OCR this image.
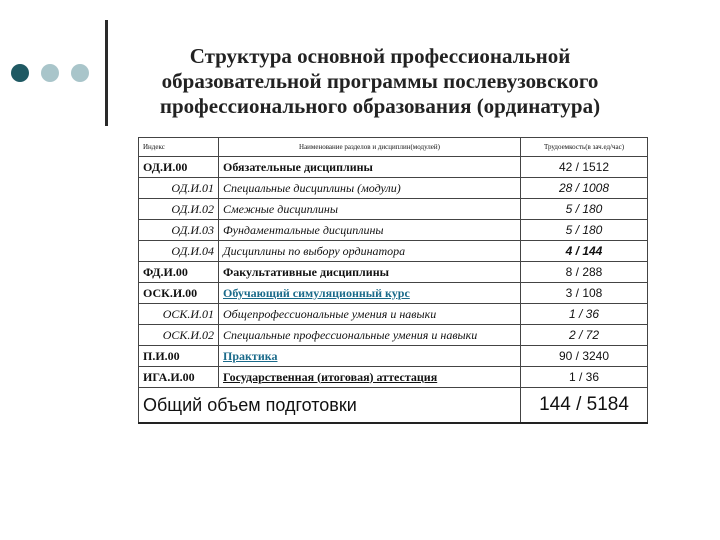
Структура основной профессиональной
образовательной программы послевузовского
профессионального образования (ординатура)
Индекс	Наименование разделов и дисциплин(модулей)	Трудоемкость(в зач.ед/час)
ОД.И.00	Обязательные дисциплины	42 / 1512
ОД.И.01	Специальные дисциплины (модули)	28 / 1008
ОД.И.02	Смежные дисциплины	5 / 180
ОД.И.03	Фундаментальные дисциплины	5 / 180
ОД.И.04	Дисциплины по выбору ординатора	4 / 144
ФД.И.00	Факультативные дисциплины	8 / 288
ОСК.И.00	Обучающий симуляционный курс	3 / 108
ОСК.И.01	Общепрофессиональные умения и навыки	1 / 36
ОСК.И.02	Специальные профессиональные умения и навыки	2 / 72
П.И.00	Практика	90 / 3240
ИГА.И.00	Государственная (итоговая) аттестация	1 / 36
Общий объем подготовки		144 / 5184
